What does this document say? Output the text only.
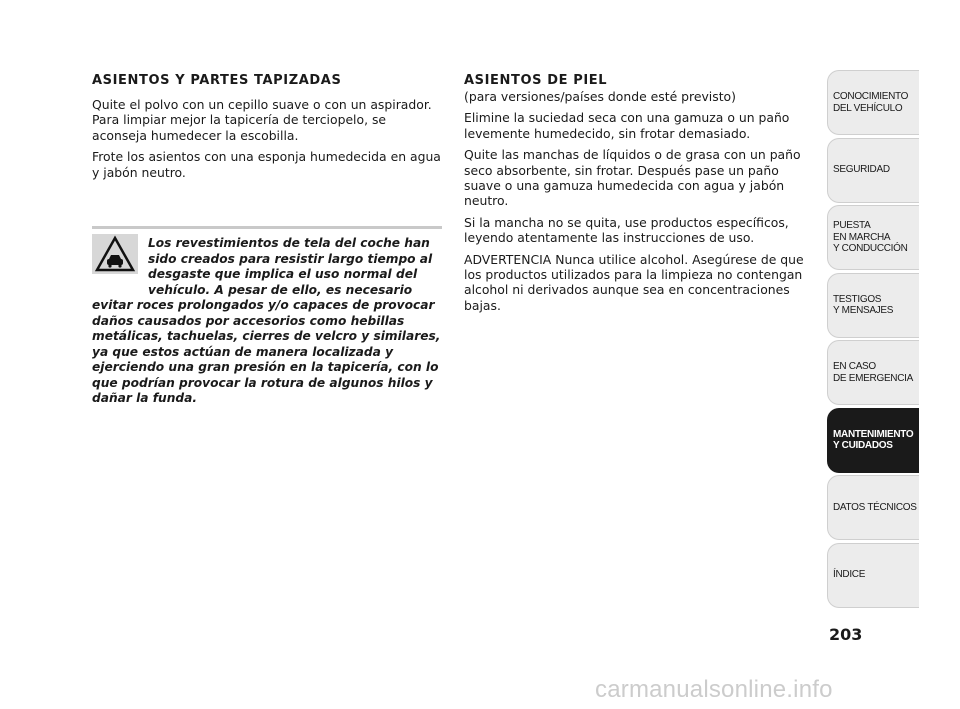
ASIENTOS Y PARTES TAPIZADAS

Quite el polvo con un cepillo suave o con un aspirador. Para limpiar mejor la tapicería de terciopelo, se aconseja humedecer la escobilla.

Frote los asientos con una esponja humedecida en agua y jabón neutro.

Los revestimientos de tela del coche han sido creados para resistir largo tiempo al desgaste que implica el uso normal del vehículo. A pesar de ello, es necesario evitar roces prolongados y/o capaces de provocar daños causados por accesorios como hebillas metálicas, tachuelas, cierres de velcro y similares, ya que estos actúan de manera localizada y ejerciendo una gran presión en la tapicería, con lo que podrían provocar la rotura de algunos hilos y dañar la funda.

ASIENTOS DE PIEL
(para versiones/países donde esté previsto)

Elimine la suciedad seca con una gamuza o un paño levemente humedecido, sin frotar demasiado.

Quite las manchas de líquidos o de grasa con un paño seco absorbente, sin frotar. Después pase un paño suave o una gamuza humedecida con agua y jabón neutro.

Si la mancha no se quita, use productos específicos, leyendo atentamente las instrucciones de uso.

ADVERTENCIA Nunca utilice alcohol. Asegúrese de que los productos utilizados para la limpieza no contengan alcohol ni derivados aunque sea en concentraciones bajas.

CONOCIMIENTO
DEL VEHÍCULO
SEGURIDAD
PUESTA
EN MARCHA
Y CONDUCCIÓN
TESTIGOS
Y MENSAJES
EN CASO
DE EMERGENCIA
MANTENIMIENTO
Y CUIDADOS
DATOS TÉCNICOS
ÍNDICE
203
carmanualsonline.info
